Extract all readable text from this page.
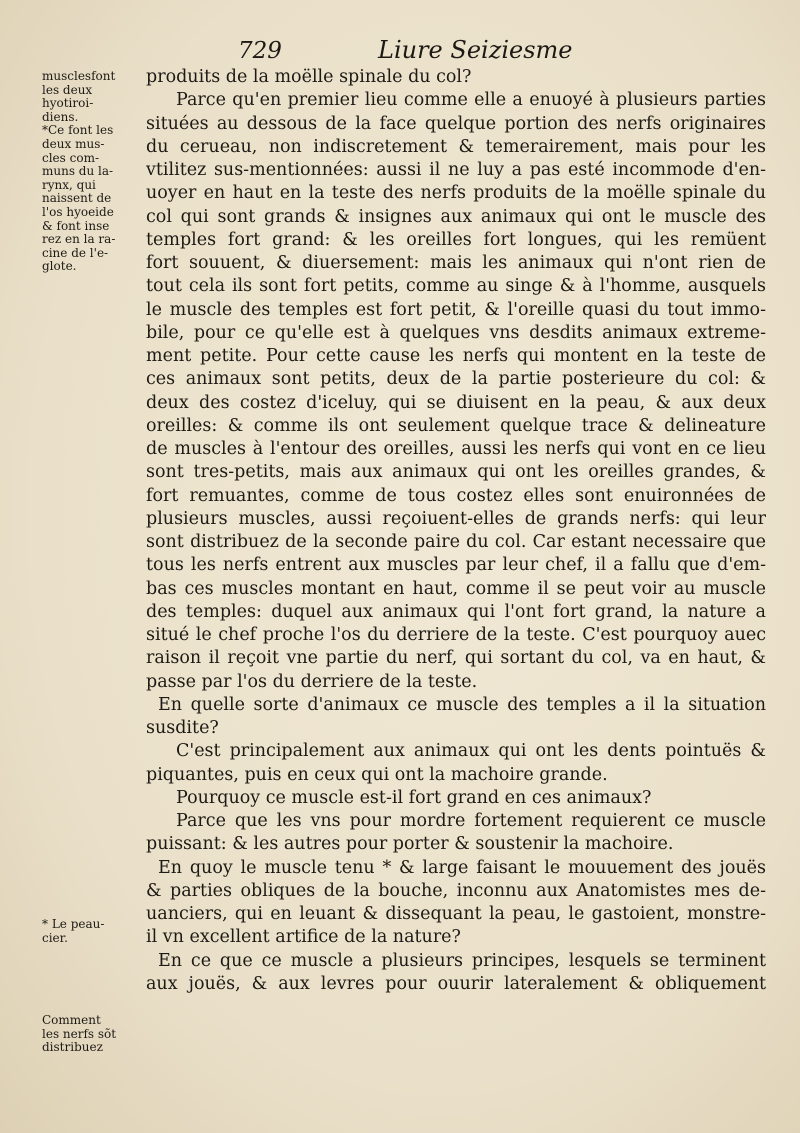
729	Liure Seiziesme
musclesfont
les deux
hyotiroi-
diens.
*Ce font les
deux mus-
cles com-
muns du la-
rynx, qui
naissent de
l'os hyoeide
& font inse
rez en la ra-
cine de l'e-
glote.
* Le peau-
cier.
Comment
les nerfs sõt
distribuez
produits de la moëlle spinale du col?
Parce qu'en premier lieu comme elle a enuoyé à plusieurs parties
situées au dessous de la face quelque portion des nerfs originaires
du cerueau, non indiscretement & temerairement, mais pour les
vtilitez sus-mentionnées: aussi il ne luy a pas esté incommode d'en-
uoyer en haut en la teste des nerfs produits de la moëlle spinale du
col qui sont grands & insignes aux animaux qui ont le muscle des
temples fort grand: & les oreilles fort longues, qui les remüent
fort souuent, & diuersement: mais les animaux qui n'ont rien de
tout cela ils sont fort petits, comme au singe & à l'homme, ausquels
le muscle des temples est fort petit, & l'oreille quasi du tout immo-
bile, pour ce qu'elle est à quelques vns desdits animaux extreme-
ment petite. Pour cette cause les nerfs qui montent en la teste de
ces animaux sont petits, deux de la partie posterieure du col: &
deux des costez d'iceluy, qui se diuisent en la peau, & aux deux
oreilles: & comme ils ont seulement quelque trace & delineature
de muscles à l'entour des oreilles, aussi les nerfs qui vont en ce lieu
sont tres-petits, mais aux animaux qui ont les oreilles grandes, &
fort remuantes, comme de tous costez elles sont enuironnées de
plusieurs muscles, aussi reçoiuent-elles de grands nerfs: qui leur
sont distribuez de la seconde paire du col. Car estant necessaire que
tous les nerfs entrent aux muscles par leur chef, il a fallu que d'em-
bas ces muscles montant en haut, comme il se peut voir au muscle
des temples: duquel aux animaux qui l'ont fort grand, la nature a
situé le chef proche l'os du derriere de la teste. C'est pourquoy auec
raison il reçoit vne partie du nerf, qui sortant du col, va en haut, &
passe par l'os du derriere de la teste.
En quelle sorte d'animaux ce muscle des temples a il la situation
susdite?
C'est principalement aux animaux qui ont les dents pointuës &
piquantes, puis en ceux qui ont la machoire grande.
Pourquoy ce muscle est-il fort grand en ces animaux?
Parce que les vns pour mordre fortement requierent ce muscle
puissant: & les autres pour porter & soustenir la machoire.
En quoy le muscle tenu * & large faisant le mouuement des jouës
& parties obliques de la bouche, inconnu aux Anatomistes mes de-
uanciers, qui en leuant & dissequant la peau, le gastoient, monstre-
il vn excellent artifice de la nature?
En ce que ce muscle a plusieurs principes, lesquels se terminent
aux jouës, & aux levres pour ouurir lateralement & obliquement
